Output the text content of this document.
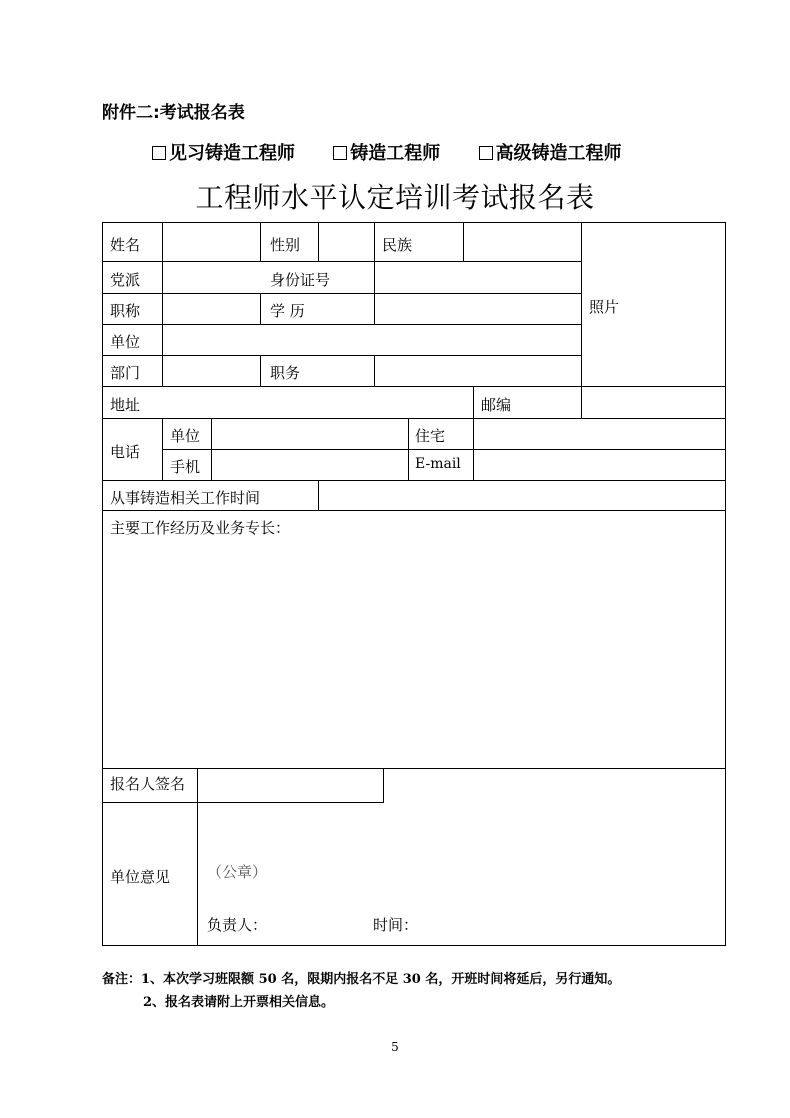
附件二:考试报名表
见习铸造工程师	铸造工程师	高级铸造工程师
工程师水平认定培训考试报名表
姓名	性别	民族
照片
党派	身份证号
职称	学 历
单位
部门	职务
地址	邮编
电话
单位	住宅
手机	E-mail
从事铸造相关工作时间
主要工作经历及业务专长：
报名人签名
单位意见 （公章）
负责人：	时间：
备注：1、本次学习班限额 50 名，限期内报名不足 30 名，开班时间将延后，另行通知。
2、报名表请附上开票相关信息。
5
